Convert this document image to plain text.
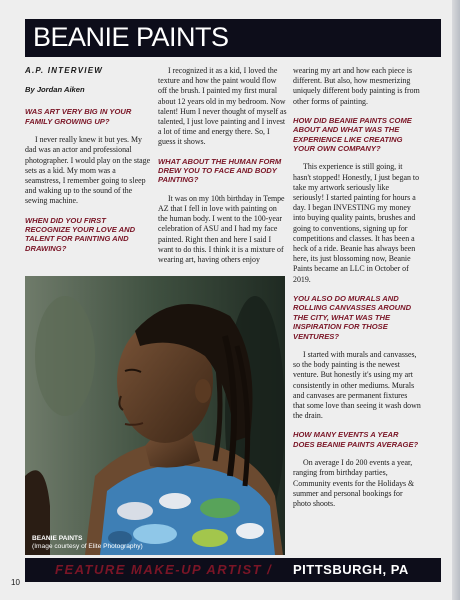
BEANIE PAINTS
A.P. INTERVIEW
By Jordan Aiken
WAS ART VERY BIG IN YOUR FAMILY GROWING UP?

I never really knew it but yes. My dad was an actor and professional photographer. I would play on the stage sets as a kid. My mom was a seamstress, I remember going to sleep and waking up to the sound of the sewing machine.

WHEN DID YOU FIRST RECOGNIZE YOUR LOVE AND TALENT FOR PAINTING AND DRAWING?

I recognized it as a kid, I loved the texture and how the paint would flow off the brush. I painted my first mural about 12 years old in my bedroom. Now talent! Hum I never thought of myself as talented, I just love painting and I invest a lot of time and energy there. So, I guess it shows.

WHAT ABOUT THE HUMAN FORM DREW YOU TO FACE AND BODY PAINTING?

It was on my 10th birthday in Tempe AZ that I fell in love with painting on the human body. I went to the 100-year celebration of ASU and I had my face painted. Right then and here I said I want to do this. I think it is a mixture of wearing art, having others enjoy

wearing my art and how each piece is different. But also, how mesmerizing uniquely different body painting is from other forms of painting.

HOW DID BEANIE PAINTS COME ABOUT AND WHAT WAS THE EXPERIENCE LIKE CREATING YOUR OWN COMPANY?

This experience is still going, it hasn't stopped! Honestly, I just began to take my artwork seriously like seriously! I started painting for hours a day. I began INVESTING my money into buying quality paints, brushes and going to conventions, signing up for competitions and classes. It has been a heck of a ride. Beanie has always been here, its just blossoming now, Beanie Paints became an LLC in October of 2019.

YOU ALSO DO MURALS AND ROLLING CANVASSES AROUND THE CITY, WHAT WAS THE INSPIRATION FOR THOSE VENTURES?

I started with murals and canvasses, so the body painting is the newest venture. But honestly it's using my art consistently in other mediums. Murals and canvases are permanent fixtures that some love than seeing it wash down the drain.

HOW MANY EVENTS A YEAR DOES BEANIE PAINTS AVERAGE?

On average I do 200 events a year, ranging from birthday parties, Community events for the Holidays & summer and personal bookings for photo shoots.

BEANIE PAINTS
(Image courtesy of Elite Photography)
FEATURE MAKE-UP ARTIST / PITTSBURGH, PA
10
